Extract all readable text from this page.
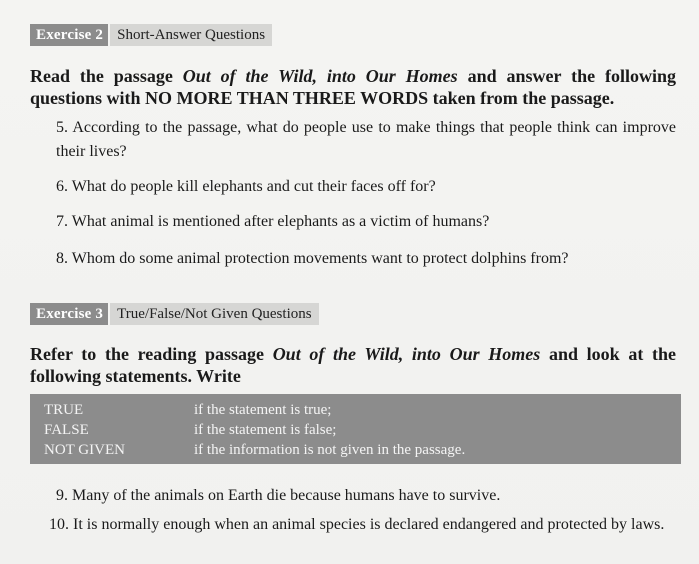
Exercise 2 Short-Answer Questions
Read the passage Out of the Wild, into Our Homes and answer the following questions with NO MORE THAN THREE WORDS taken from the passage.
5. According to the passage, what do people use to make things that people think can improve their lives?
6. What do people kill elephants and cut their faces off for?
7. What animal is mentioned after elephants as a victim of humans?
8. Whom do some animal protection movements want to protect dolphins from?
Exercise 3 True/False/Not Given Questions
Refer to the reading passage Out of the Wild, into Our Homes and look at the following statements. Write
TRUE	if the statement is true;
FALSE	if the statement is false;
NOT GIVEN	if the information is not given in the passage.
9. Many of the animals on Earth die because humans have to survive.
10. It is normally enough when an animal species is declared endangered and protected by laws.
